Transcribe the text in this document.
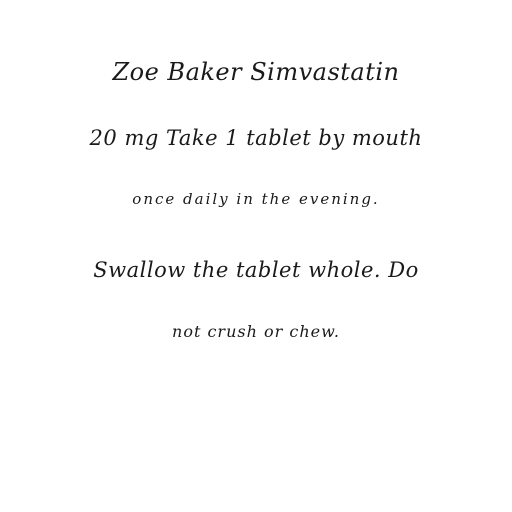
Zoe Baker Simvastatin
20 mg Take 1 tablet by mouth
once daily in the evening.
Swallow the tablet whole. Do
not crush or chew.
